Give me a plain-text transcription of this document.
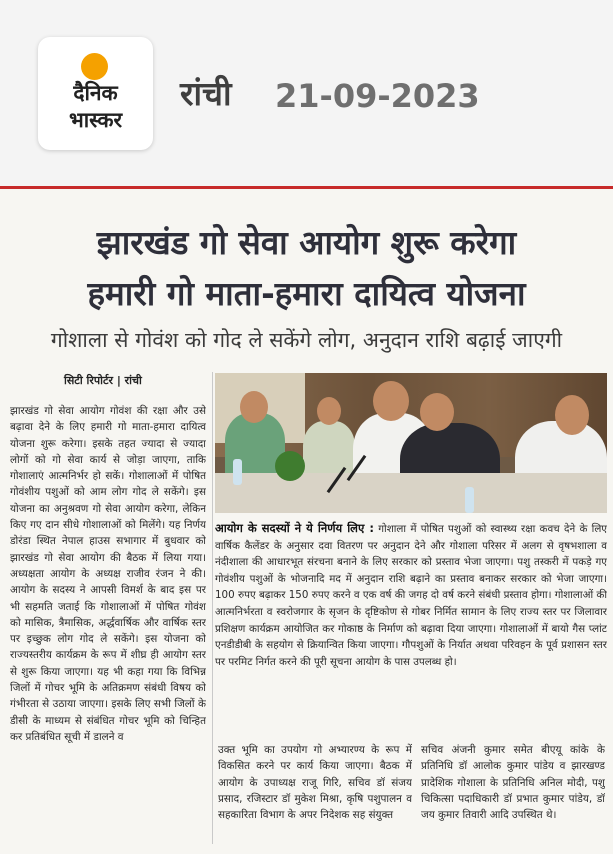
दैनिक
भास्कर
रांची 21-09-2023
झारखंड गो सेवा आयोग शुरू करेगा
हमारी गो माता-हमारा दायित्व योजना
गोशाला से गोवंश को गोद ले सकेंगे लोग, अनुदान राशि बढ़ाई जाएगी
सिटी रिपोर्टर | रांची
झारखंड गो सेवा आयोग गोवंश की रक्षा और उसे बढ़ावा देने के लिए हमारी गो माता-हमारा दायित्व योजना शुरू करेगा। इसके तहत ज्यादा से ज्यादा लोगों को गो सेवा कार्य से जोड़ा जाएगा, ताकि गोशालाएं आत्मनिर्भर हो सकें। गोशालाओं में पोषित गोवंशीय पशुओं को आम लोग गोद ले सकेंगे। इस योजना का अनुश्रवण गो सेवा आयोग करेगा, लेकिन किए गए दान सीधे गोशालाओं को मिलेंगे। यह निर्णय डोरंडा स्थित नेपाल हाउस सभागार में बुधवार को झारखंड गो सेवा आयोग की बैठक में लिया गया। अध्यक्षता आयोग के अध्यक्ष राजीव रंजन ने की। आयोग के सदस्य ने आपसी विमर्श के बाद इस पर भी सहमति जताई कि गोशालाओं में पोषित गोवंश को मासिक, त्रैमासिक, अर्द्धवार्षिक और वार्षिक स्तर पर इच्छुक लोग गोद ले सकेंगे। इस योजना को राज्यस्तरीय कार्यक्रम के रूप में शीघ्र ही आयोग स्तर से शुरू किया जाएगा। यह भी कहा गया कि विभिन्न जिलों में गोचर भूमि के अतिक्रमण संबंधी विषय को गंभीरता से उठाया जाएगा। इसके लिए सभी जिलों के डीसी के माध्यम से संबंधित गोचर भूमि को चिन्हित कर प्रतिबंधित सूची में डालने व
आयोग के सदस्यों ने ये निर्णय लिए : गोशाला में पोषित पशुओं को स्वास्थ्य रक्षा कवच देने के लिए वार्षिक कैलेंडर के अनुसार दवा वितरण पर अनुदान देने और गोशाला परिसर में अलग से वृषभशाला व नंदीशाला की आधारभूत संरचना बनाने के लिए सरकार को प्रस्ताव भेजा जाएगा। पशु तस्करी में पकड़े गए गोवंशीय पशुओं के भोजनादि मद में अनुदान राशि बढ़ाने का प्रस्ताव बनाकर सरकार को भेजा जाएगा। 100 रुपए बढ़ाकर 150 रुपए करने व एक वर्ष की जगह दो वर्ष करने संबंधी प्रस्ताव होगा। गोशालाओं की आत्मनिर्भरता व स्वरोजगार के सृजन के दृष्टिकोण से गोबर निर्मित सामान के लिए राज्य स्तर पर जिलावार प्रशिक्षण कार्यक्रम आयोजित कर गोकाष्ठ के निर्माण को बढ़ावा दिया जाएगा। गोशालाओं में बायो गैस प्लांट एनडीडीबी के सहयोग से क्रियान्वित किया जाएगा। गौपशुओं के निर्यात अथवा परिवहन के पूर्व प्रशासन स्तर पर परमिट निर्गत करने की पूरी सूचना आयोग के पास उपलब्ध हो।
उक्त भूमि का उपयोग गो अभ्यारण्य के रूप में विकसित करने पर कार्य किया जाएगा। बैठक में आयोग के उपाध्यक्ष राजू गिरि, सचिव डॉ संजय प्रसाद, रजिस्टार डॉ मुकेश मिश्रा, कृषि पशुपालन व सहकारिता विभाग के अपर निदेशक सह संयुक्त
सचिव अंजनी कुमार समेत बीएयू कांके के प्रतिनिधि डॉ आलोक कुमार पांडेय व झारखण्ड प्रादेशिक गोशाला के प्रतिनिधि अनिल मोदी, पशु चिकित्सा पदाधिकारी डॉ प्रभात कुमार पांडेय, डॉ जय कुमार तिवारी आदि उपस्थित थे।
